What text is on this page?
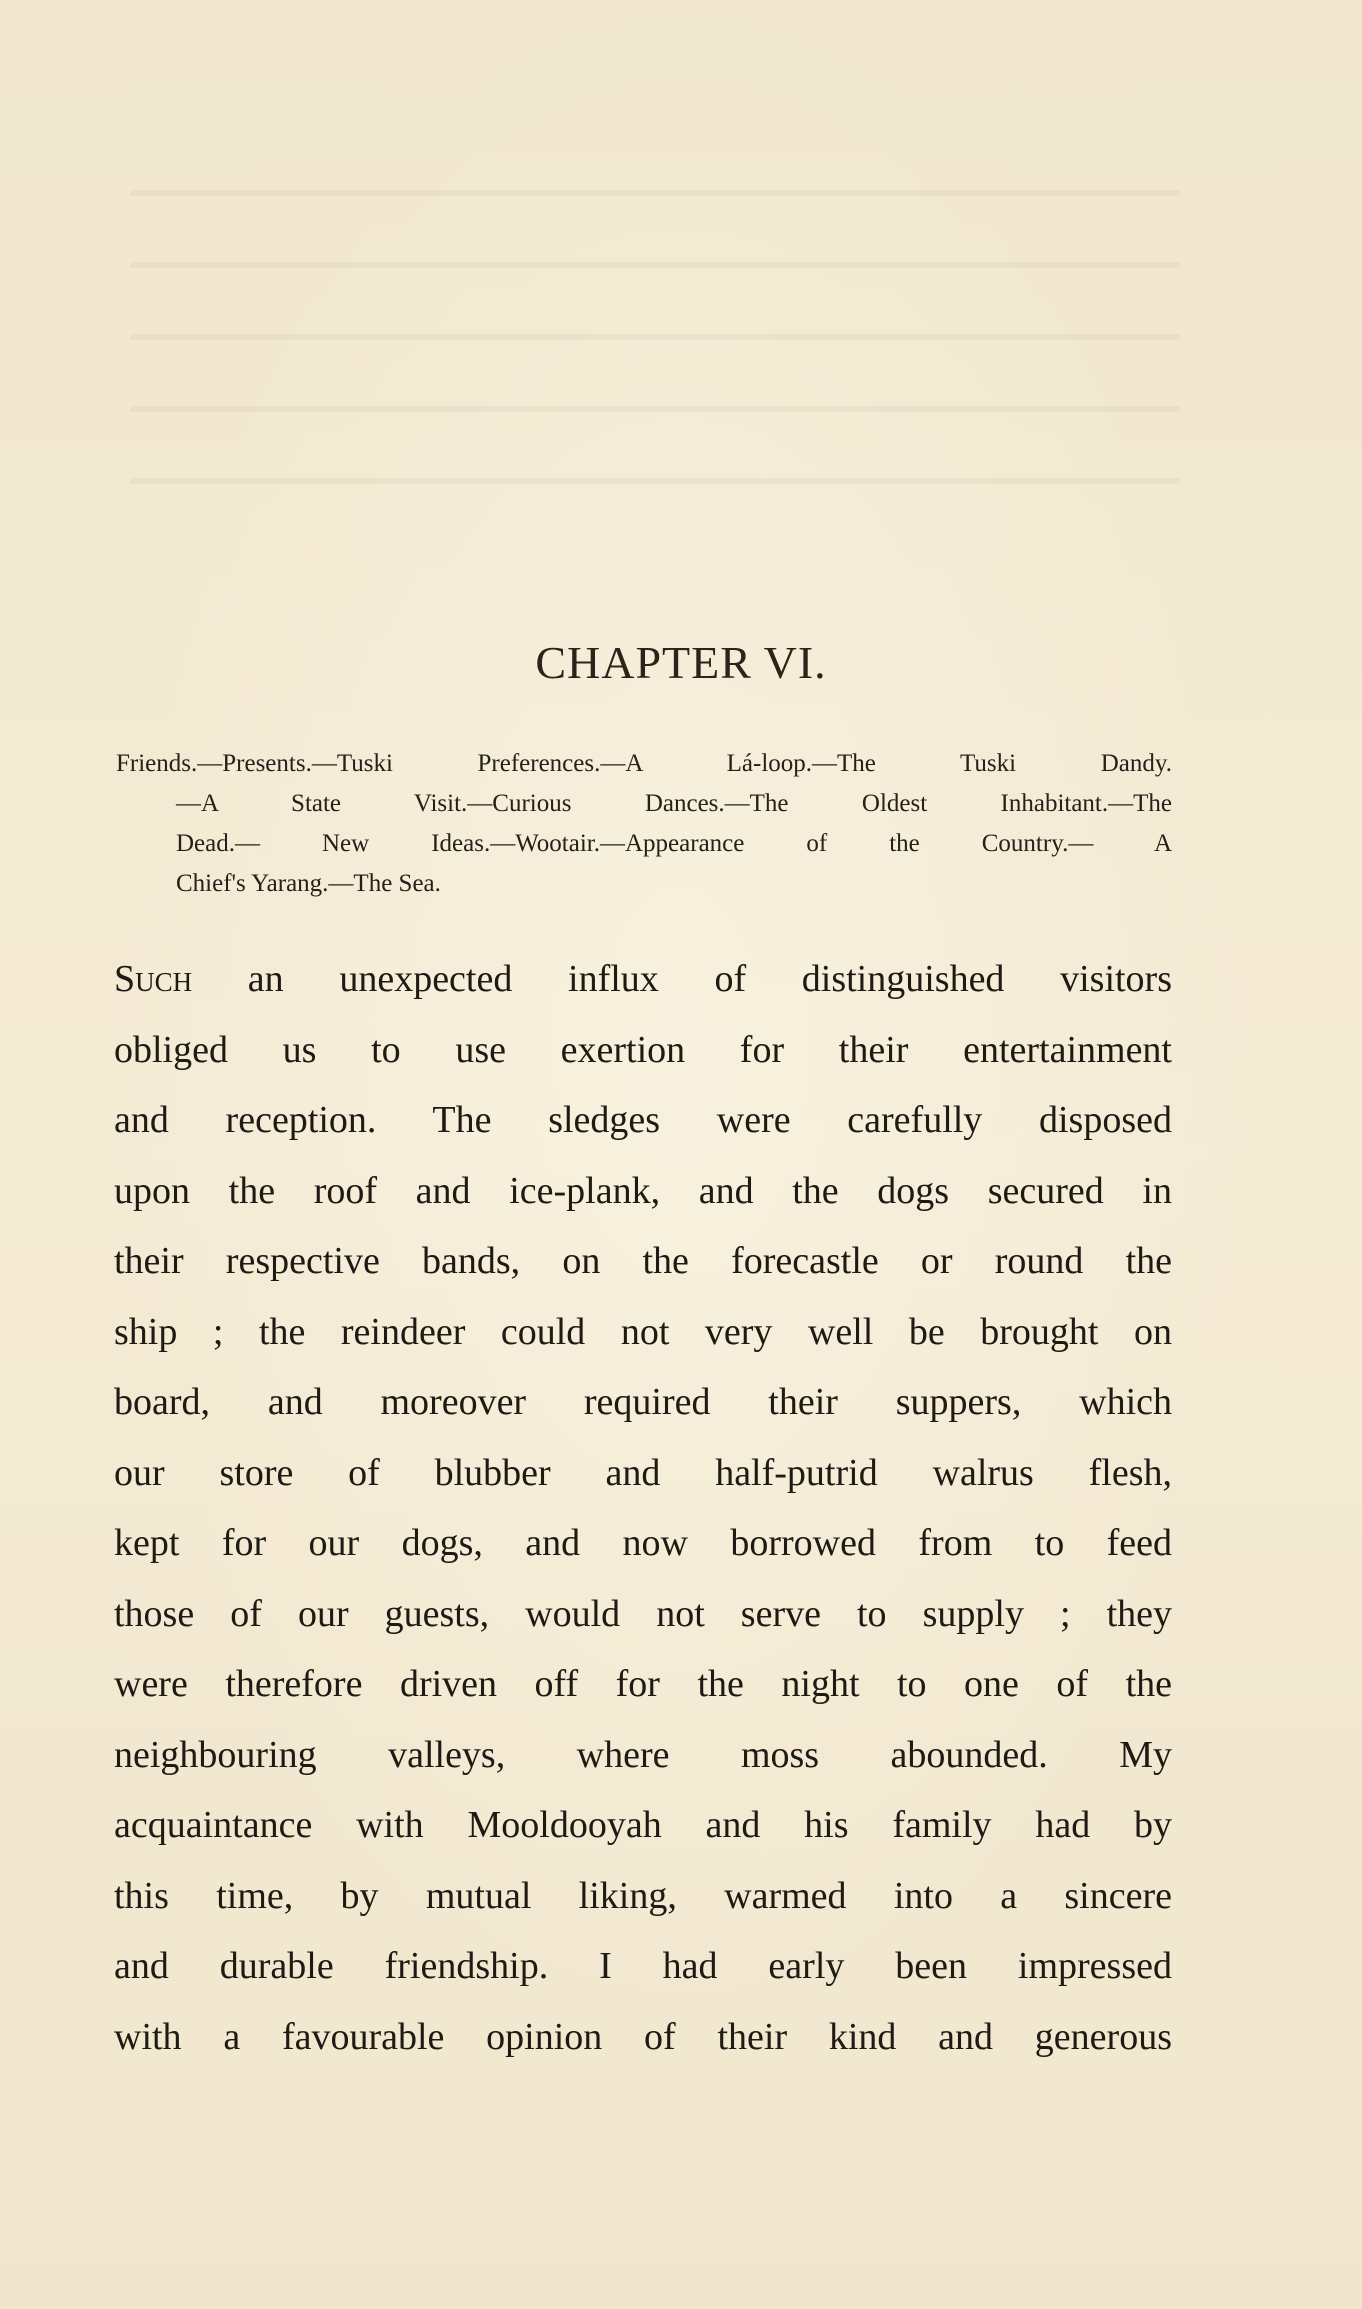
CHAPTER VI.
Friends.—Presents.—Tuski Preferences.—A Lá-loop.—The Tuski Dandy.
—A State Visit.—Curious Dances.—The Oldest Inhabitant.—The
Dead.— New Ideas.—Wootair.—Appearance of the Country.— A
Chief's Yarang.—The Sea.
Such an unexpected influx of distinguished visitors
obliged us to use exertion for their entertainment
and reception. The sledges were carefully disposed
upon the roof and ice-plank, and the dogs secured in
their respective bands, on the forecastle or round the
ship ; the reindeer could not very well be brought on
board, and moreover required their suppers, which
our store of blubber and half-putrid walrus flesh,
kept for our dogs, and now borrowed from to feed
those of our guests, would not serve to supply ; they
were therefore driven off for the night to one of the
neighbouring valleys, where moss abounded. My
acquaintance with Mooldooyah and his family had by
this time, by mutual liking, warmed into a sincere
and durable friendship. I had early been impressed
with a favourable opinion of their kind and generous
